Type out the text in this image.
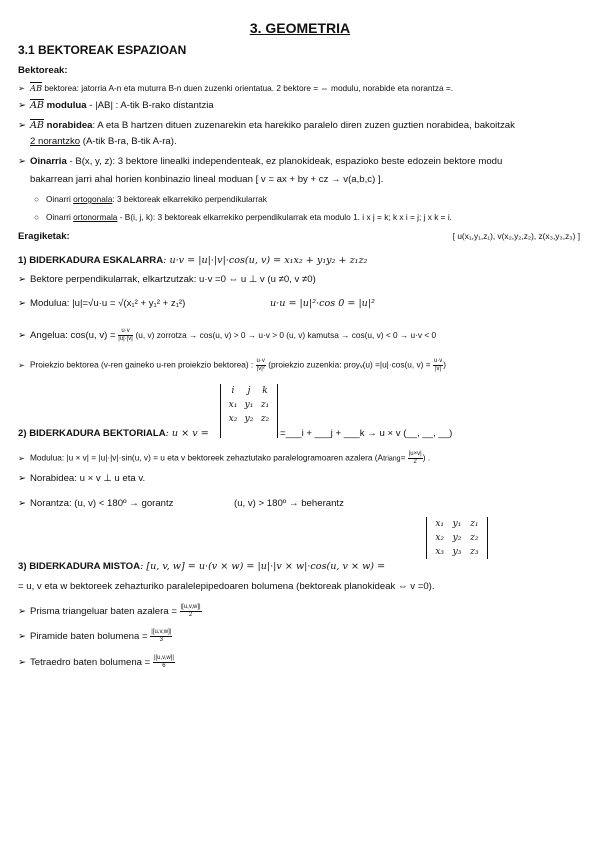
3. GEOMETRIA
3.1 BEKTOREAK ESPAZIOAN
Bektoreak:
➢ $\overline{AB}$ bektorea: jatorria A-n eta muturra B-n duen zuzenki orientatua. 2 bektore = ⇔ modulu, norabide eta norantza =.
➢ $\overline{AB}$ modulua - |AB| : A-tik B-rako distantzia
➢ $\overline{AB}$ norabidea: A eta B hartzen dituen zuzenarekin eta harekiko paralelo diren zuzen guztien norabidea, bakoitzak
2 norantzko (A-tik B-ra, B-tik A-ra).
➢ Oinarria - B(x, y, z): 3 bektore linealki independenteak, ez planokideak, espazioko beste edozein bektore modu
bakarrean jarri ahal horien konbinazio lineal moduan [ v = ax + by + cz → v(a,b,c) ].
○   Oinarri ortogonala: 3 bektoreak elkarrekiko perpendikularrak
○   Oinarri ortonormala - B(i, j, k): 3 bektoreak elkarrekiko perpendikularrak eta modulo 1. i x j = k; k x i = j; j x k = i.
Eragiketak:	[ u(x₁,y₁,z₁), v(x₂,y₂,z₂), z(x₃,y₃,z₃) ]
1) BIDERKADURA ESKALARRA: u·v = |u|·|v|·cos(u, v) = x₁x₂ + y₁y₂ + z₁z₂
➢ Bektore perpendikularrak, elkartzutzak: u·v =0 ⇔ u ⊥ v (u ≠0, v ≠0)
➢ Modulua: |u|=√u·u = √(x₁² + y₁² + z₁²)	u·u = |u|²·cos 0 = |u|²
➢ Angelua: cos(u, $v) = \frac{u\cdot v}{|u|\cdot|v|} (u$, v) zorrotza → cos(u, v) > 0 → u·v > 0 (u, v) kamutsa → cos(u, v) < 0 → u·v < 0
➢ Proiekzio bektorea (v-ren gaineko u-ren proiekzio bektorea) : $\frac{u\cdot v}{\text{|v|²}}$ (proiekzio zuzenkia: proyᵥ(u) =|u|·cos(u, $v) = \frac{u\cdot v}{|v|}$ )
i	j	k
x₁ y₁ z₁
x₂ y₂ z₂
2) BIDERKADURA BEKTORIALA: u × v =	=___i + ___j + ___k → u × v (__, __, __)
➢ Modulua: |u × v| = |u|·|v|·sin(u, v) = u eta v bektoreek zehaztutako paralelogramoaren azalera (Atriang= $\frac{|u\times v|}{2}$ ) .
➢ Norabidea: u × v ⊥ u eta v.
➢ Norantza: (u, v) < 180º → gorantz	(u, v) > 180º → beherantz
x₁ y₁ z₁
x₂ y₂ z₂
x₃ y₃ z₃
3) BIDERKADURA MISTOA: [u, v, w] = u·(v × w) = |u|·|v × w|·cos(u, v × w) =
= u, v eta w bektoreek zehazturiko paralelepipedoaren bolumena (bektoreak planokideak ⇔ v =0).
➢ Prisma triangeluar baten azalera = $\frac{|[u,v,w]|}{2}$
➢ Piramide baten bolumena = $\frac{|[u,v,w]|}{3}$
➢ Tetraedro baten bolumena = $\frac{|[u,v,w]|}{6}$
